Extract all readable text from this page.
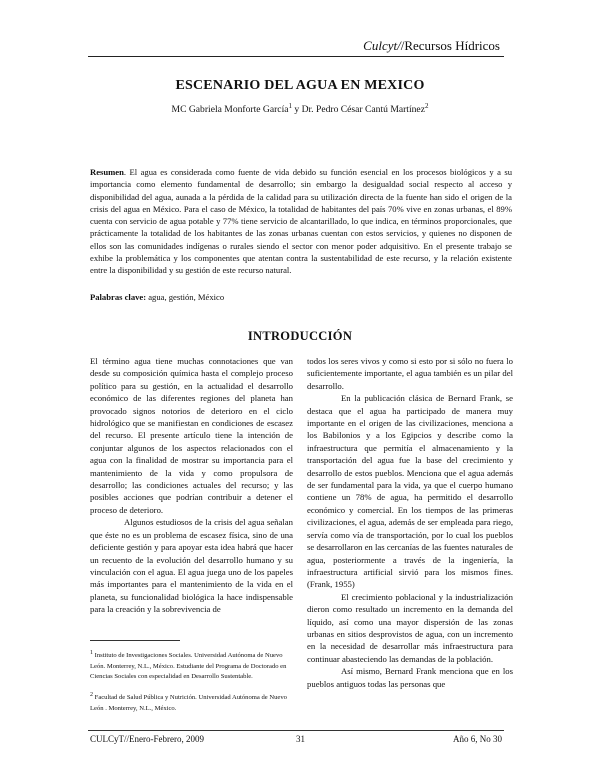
Culcyt//Recursos Hídricos
ESCENARIO DEL AGUA EN MEXICO
MC Gabriela Monforte García$^1$ y Dr. Pedro César Cantú Martínez$^2$
Resumen. El agua es considerada como fuente de vida debido su función esencial en los procesos biológicos y a su importancia como elemento fundamental de desarrollo; sin embargo la desigualdad social respecto al acceso y disponibilidad del agua, aunada a la pérdida de la calidad para su utilización directa de la fuente han sido el origen de la crisis del agua en México. Para el caso de México, la totalidad de habitantes del país 70% vive en zonas urbanas, el 89% cuenta con servicio de agua potable y 77% tiene servicio de alcantarillado, lo que indica, en términos proporcionales, que prácticamente la totalidad de los habitantes de las zonas urbanas cuentan con estos servicios, y quienes no disponen de ellos son las comunidades indígenas o rurales siendo el sector con menor poder adquisitivo. En el presente trabajo se exhibe la problemática y los componentes que atentan contra la sustentabilidad de este recurso, y la relación existente entre la disponibilidad y su gestión de este recurso natural.
Palabras clave: agua, gestión, México
INTRODUCCIÓN

El término agua tiene muchas connotaciones que van desde su composición química hasta el complejo proceso político para su gestión, en la actualidad el desarrollo económico de las diferentes regiones del planeta han provocado signos notorios de deterioro en el ciclo hidrológico que se manifiestan en condiciones de escasez del recurso. El presente artículo tiene la intención de conjuntar algunos de los aspectos relacionados con el agua con la finalidad de mostrar su importancia para el mantenimiento de la vida y como propulsora de desarrollo; las condiciones actuales del recurso; y las posibles acciones que podrían contribuir a detener el proceso de deterioro.

Algunos estudiosos de la crisis del agua señalan que éste no es un problema de escasez física, sino de una deficiente gestión y para apoyar esta idea habrá que hacer un recuento de la evolución del desarrollo humano y su vinculación con el agua. El agua juega uno de los papeles más importantes para el mantenimiento de la vida en el planeta, su funcionalidad biológica la hace indispensable para la creación y la sobrevivencia de

todos los seres vivos y como si esto por si sólo no fuera lo suficientemente importante, el agua también es un pilar del desarrollo.

En la publicación clásica de Bernard Frank, se destaca que el agua ha participado de manera muy importante en el origen de las civilizaciones, menciona a los Babilonios y a los Egipcios y describe como la infraestructura que permitía el almacenamiento y la transportación del agua fue la base del crecimiento y desarrollo de estos pueblos. Menciona que el agua además de ser fundamental para la vida, ya que el cuerpo humano contiene un 78% de agua, ha permitido el desarrollo económico y comercial. En los tiempos de las primeras civilizaciones, el agua, además de ser empleada para riego, servía como vía de transportación, por lo cual los pueblos se desarrollaron en las cercanías de las fuentes naturales de agua, posteriormente a través de la ingeniería, la infraestructura artificial sirvió para los mismos fines. (Frank, 1955)

El crecimiento poblacional y la industrialización dieron como resultado un incremento en la demanda del líquido, así como una mayor dispersión de las zonas urbanas en sitios desprovistos de agua, con un incremento en la necesidad de desarrollar más infraestructura para continuar abasteciendo las demandas de la población.

Así mismo, Bernard Frank menciona que en los pueblos antiguos todas las personas que

$^1$ Instituto de Investigaciones Sociales. Universidad Autónoma de Nuevo León. Monterrey, N.L., México. Estudiante del Programa de Doctorado en Ciencias Sociales con especialidad en Desarrollo Sustentable.
$^2$ Facultad de Salud Pública y Nutrición. Universidad Autónoma de Nuevo León . Monterrey, N.L., México.
CULCyT//Enero-Febrero, 2009	31	Año 6, No 30
